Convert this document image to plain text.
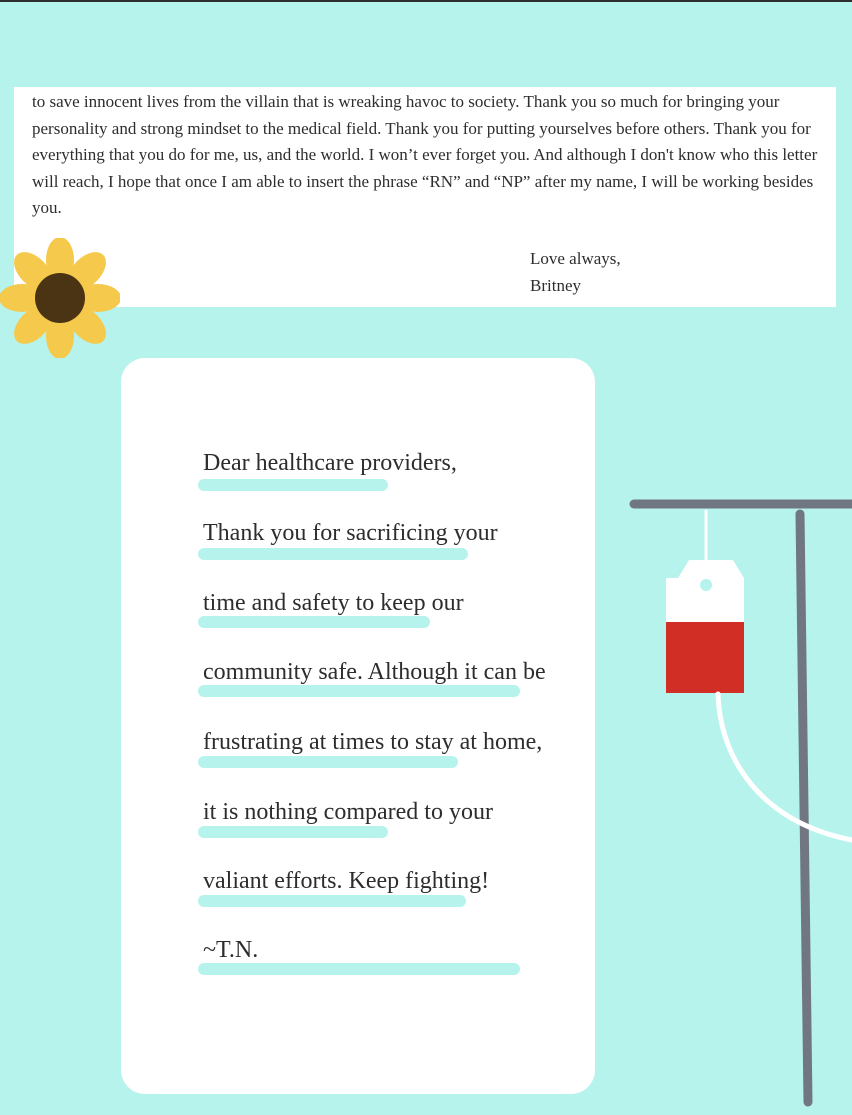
to save innocent lives from the villain that is wreaking havoc to society. Thank you so much for bringing your personality and strong mindset to the medical field. Thank you for putting yourselves before others. Thank you for everything that you do for me, us, and the world. I won’t ever forget you. And although I don't know who this letter will reach, I hope that once I am able to insert the phrase “RN” and “NP” after my name, I will be working besides you.

Love always,
Britney

Dear healthcare providers,

Thank you for sacrificing your

time and safety to keep our

community safe. Although it can be

frustrating at times to stay at home,

it is nothing compared to your

valiant efforts. Keep fighting!

~T.N.
